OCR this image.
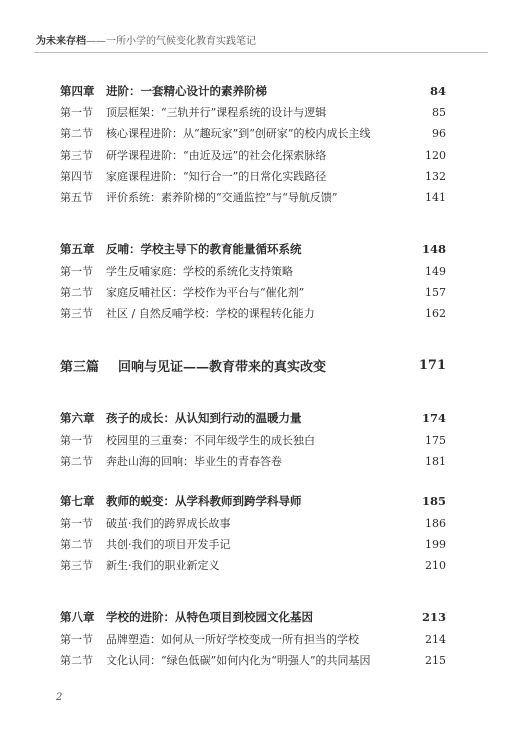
为未来存档——一所小学的气候变化教育实践笔记
第四章	进阶：一套精心设计的素养阶梯	84
第一节	顶层框架：“三轨并行”课程系统的设计与逻辑	85
第二节	核心课程进阶：从“趣玩家”到“创研家”的校内成长主线	96
第三节	研学课程进阶：“由近及远”的社会化探索脉络	120
第四节	家庭课程进阶：“知行合一”的日常化实践路径	132
第五节	评价系统：素养阶梯的“交通监控”与“导航反馈”	141
第五章	反哺：学校主导下的教育能量循环系统	148
第一节	学生反哺家庭：学校的系统化支持策略	149
第二节	家庭反哺社区：学校作为平台与“催化剂”	157
第三节	社区 / 自然反哺学校：学校的课程转化能力	162
第三篇	回响与见证——教育带来的真实改变	171
第六章	孩子的成长：从认知到行动的温暖力量	174
第一节	校园里的三重奏：不同年级学生的成长独白	175
第二节	奔赴山海的回响：毕业生的青春答卷	181
第七章	教师的蜕变：从学科教师到跨学科导师	185
第一节	破茧·我们的跨界成长故事	186
第二节	共创·我们的项目开发手记	199
第三节	新生·我们的职业新定义	210
第八章	学校的进阶：从特色项目到校园文化基因	213
第一节	品牌塑造：如何从一所好学校变成一所有担当的学校	214
第二节	文化认同：“绿色低碳”如何内化为“明强人”的共同基因	215
2
